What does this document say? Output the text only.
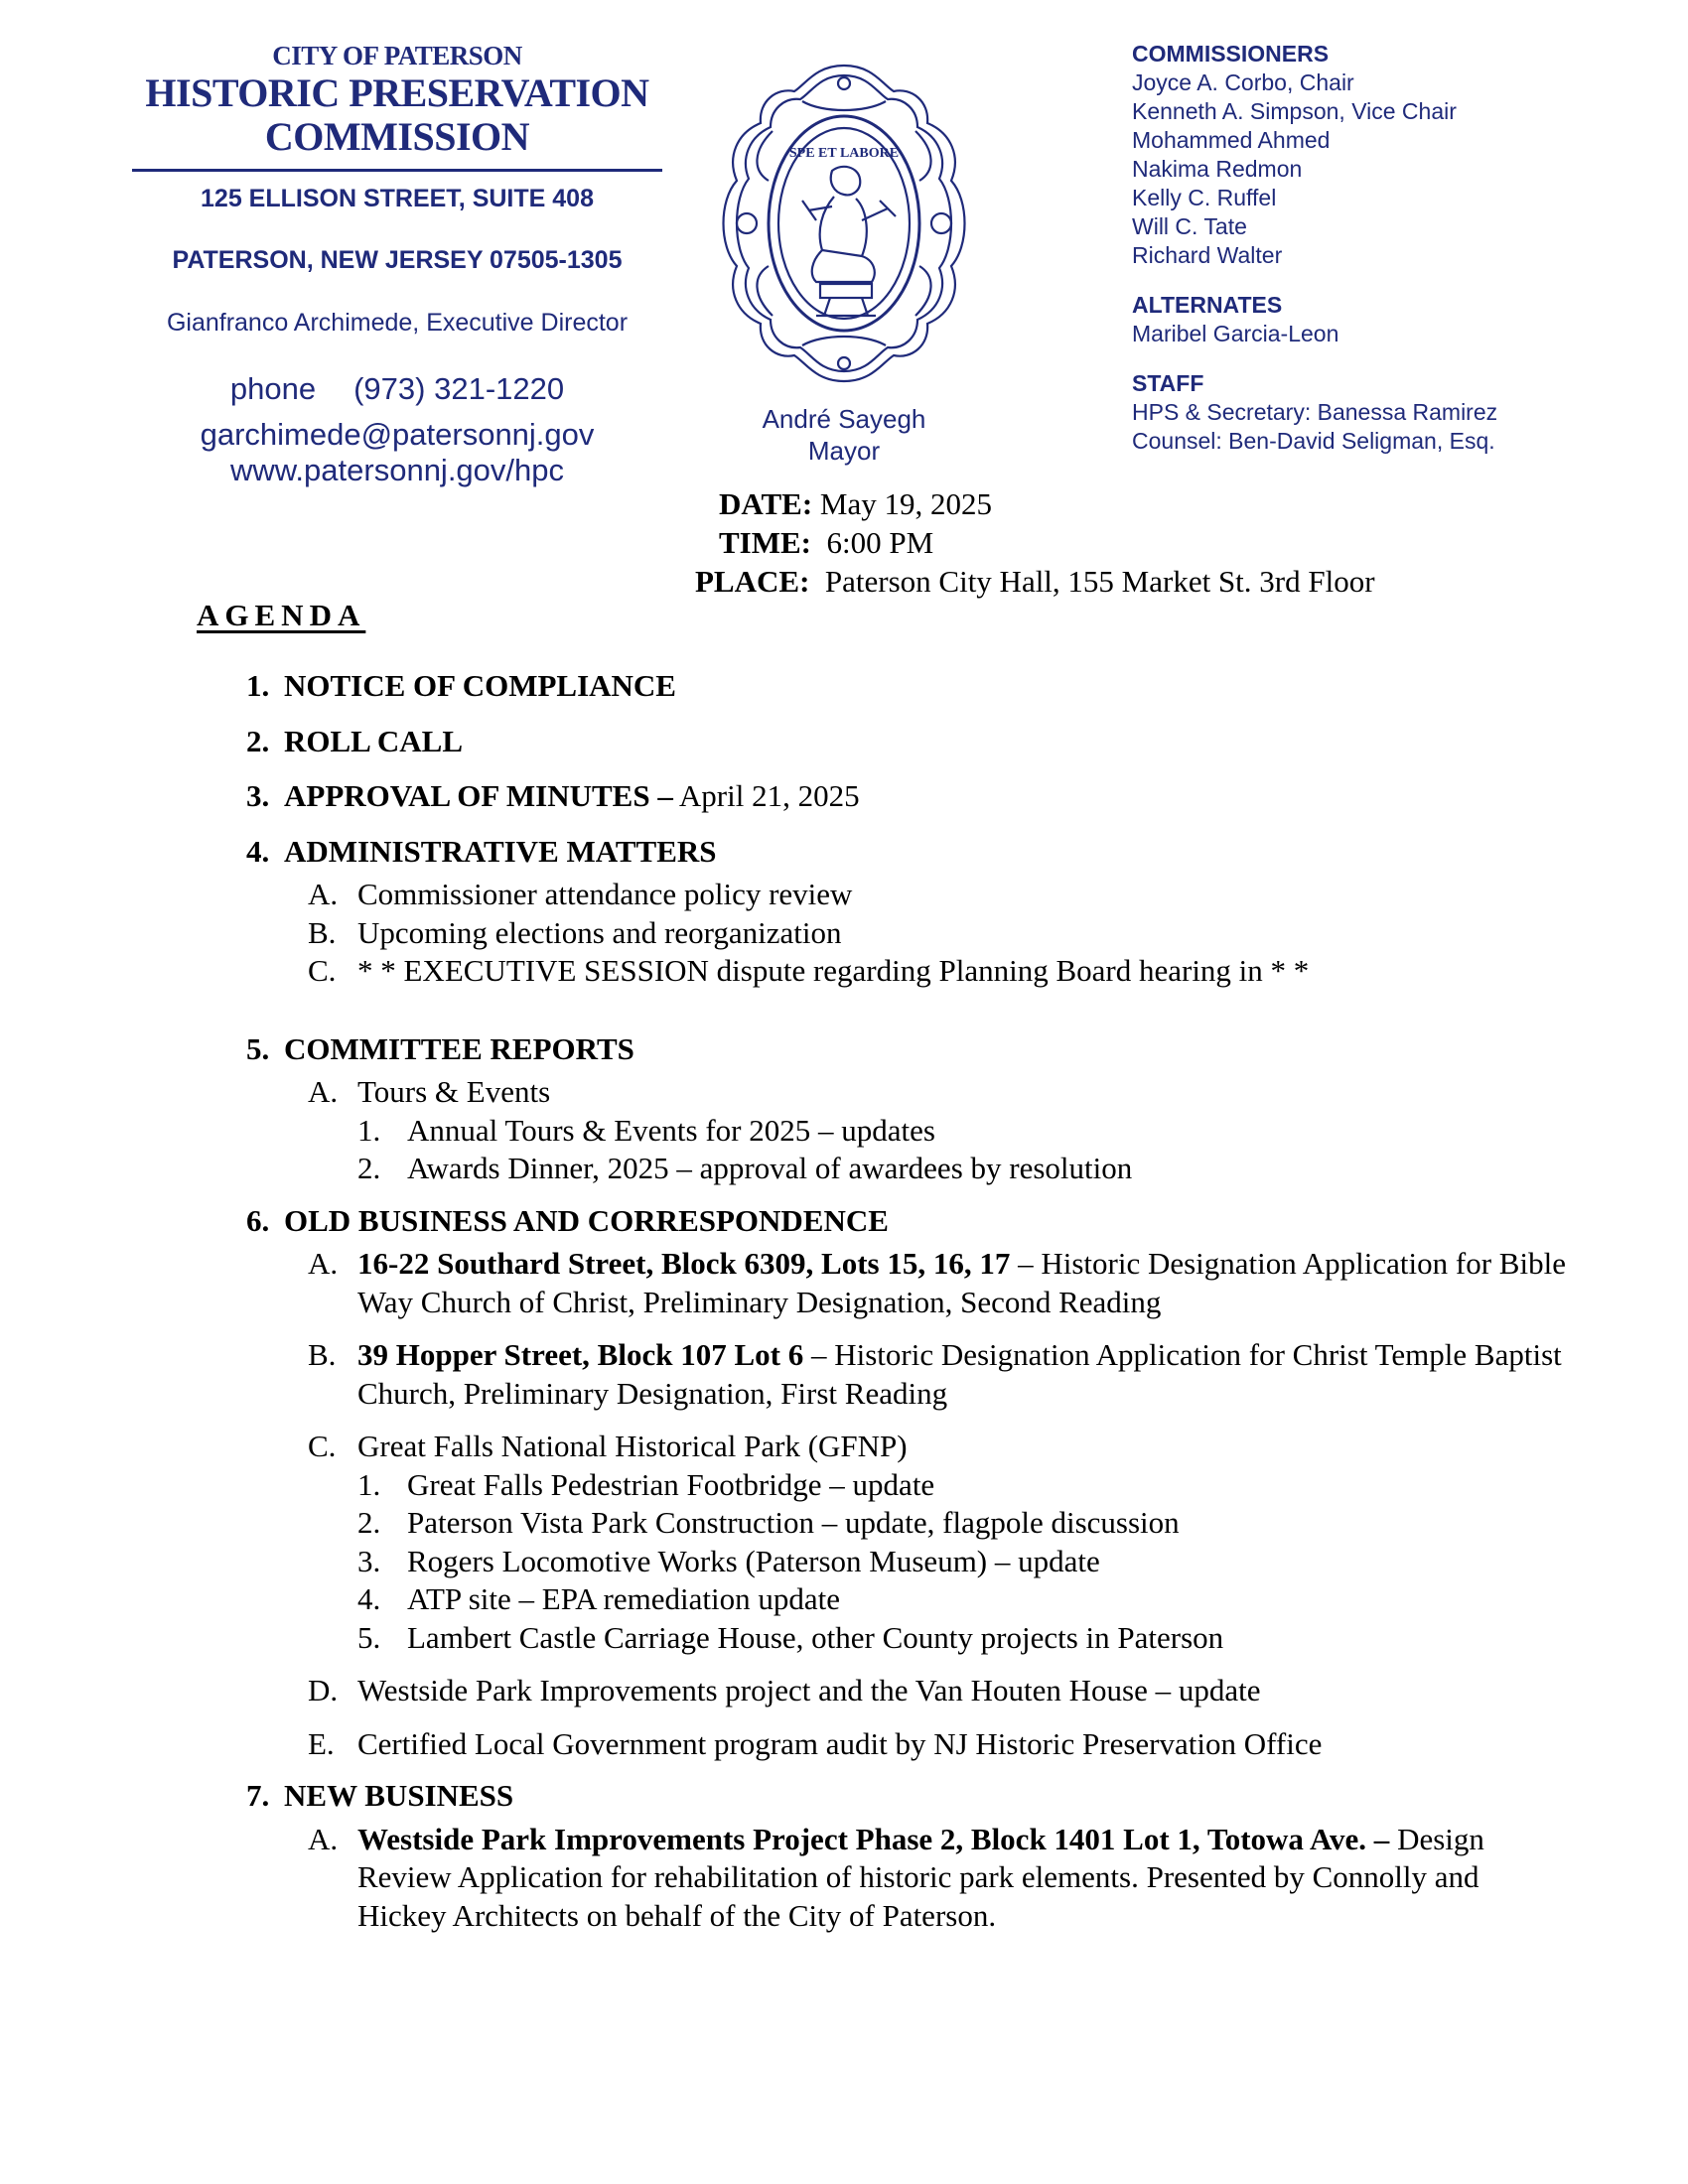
CITY OF PATERSON
HISTORIC PRESERVATION
COMMISSION
125 ELLISON STREET, SUITE 408
PATERSON, NEW JERSEY 07505-1305
Gianfranco Archimede, Executive Director
phone (973) 321-1220
garchimede@patersonnj.gov
www.patersonnj.gov/hpc
SPE ET LABORE
André Sayegh
Mayor
COMMISSIONERS
Joyce A. Corbo, Chair
Kenneth A. Simpson, Vice Chair
Mohammed Ahmed
Nakima Redmon
Kelly C. Ruffel
Will C. Tate
Richard Walter
ALTERNATES
Maribel Garcia-Leon
STAFF
HPS & Secretary: Banessa Ramirez
Counsel: Ben-David Seligman, Esq.
DATE: May 19, 2025
TIME: 6:00 PM
PLACE: Paterson City Hall, 155 Market St. 3rd Floor
AGENDA
1. NOTICE OF COMPLIANCE
2. ROLL CALL
3. APPROVAL OF MINUTES – April 21, 2025
4. ADMINISTRATIVE MATTERS
A. Commissioner attendance policy review
B. Upcoming elections and reorganization
C. * * EXECUTIVE SESSION dispute regarding Planning Board hearing in * *
5. COMMITTEE REPORTS
A. Tours & Events
1. Annual Tours & Events for 2025 – updates
2. Awards Dinner, 2025 – approval of awardees by resolution
6. OLD BUSINESS AND CORRESPONDENCE
A. 16-22 Southard Street, Block 6309, Lots 15, 16, 17 – Historic Designation Application for Bible Way Church of Christ, Preliminary Designation, Second Reading
B. 39 Hopper Street, Block 107 Lot 6 – Historic Designation Application for Christ Temple Baptist Church, Preliminary Designation, First Reading
C. Great Falls National Historical Park (GFNP)
1. Great Falls Pedestrian Footbridge – update
2. Paterson Vista Park Construction – update, flagpole discussion
3. Rogers Locomotive Works (Paterson Museum) – update
4. ATP site – EPA remediation update
5. Lambert Castle Carriage House, other County projects in Paterson
D. Westside Park Improvements project and the Van Houten House – update
E. Certified Local Government program audit by NJ Historic Preservation Office
7. NEW BUSINESS
A. Westside Park Improvements Project Phase 2, Block 1401 Lot 1, Totowa Ave. – Design Review Application for rehabilitation of historic park elements. Presented by Connolly and Hickey Architects on behalf of the City of Paterson.
